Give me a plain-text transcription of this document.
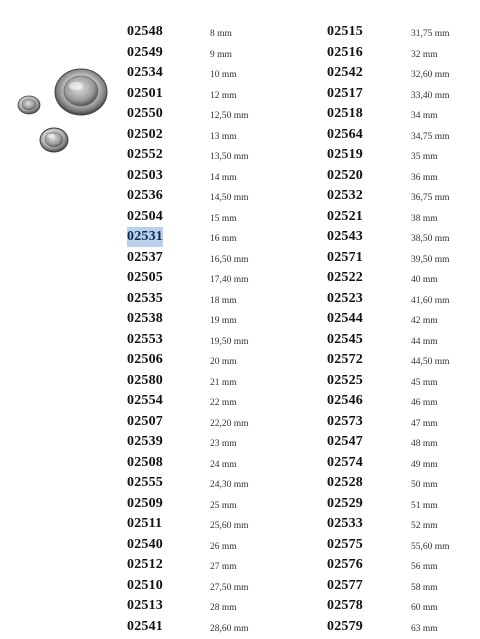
02548	8 mm
02549	9 mm
02534	10 mm
02501	12 mm
02550	12,50 mm
02502	13 mm
02552	13,50 mm
02503	14 mm
02536	14,50 mm
02504	15 mm
02531	16 mm
02537	16,50 mm
02505	17,40 mm
02535	18 mm
02538	19 mm
02553	19,50 mm
02506	20 mm
02580	21 mm
02554	22 mm
02507	22,20 mm
02539	23 mm
02508	24 mm
02555	24,30 mm
02509	25 mm
02511	25,60 mm
02540	26 mm
02512	27 mm
02510	27,50 mm
02513	28 mm
02541	28,60 mm
02515	31,75 mm
02516	32 mm
02542	32,60 mm
02517	33,40 mm
02518	34 mm
02564	34,75 mm
02519	35 mm
02520	36 mm
02532	36,75 mm
02521	38 mm
02543	38,50 mm
02571	39,50 mm
02522	40 mm
02523	41,60 mm
02544	42 mm
02545	44 mm
02572	44,50 mm
02525	45 mm
02546	46 mm
02573	47 mm
02547	48 mm
02574	49 mm
02528	50 mm
02529	51 mm
02533	52 mm
02575	55,60 mm
02576	56 mm
02577	58 mm
02578	60 mm
02579	63 mm
